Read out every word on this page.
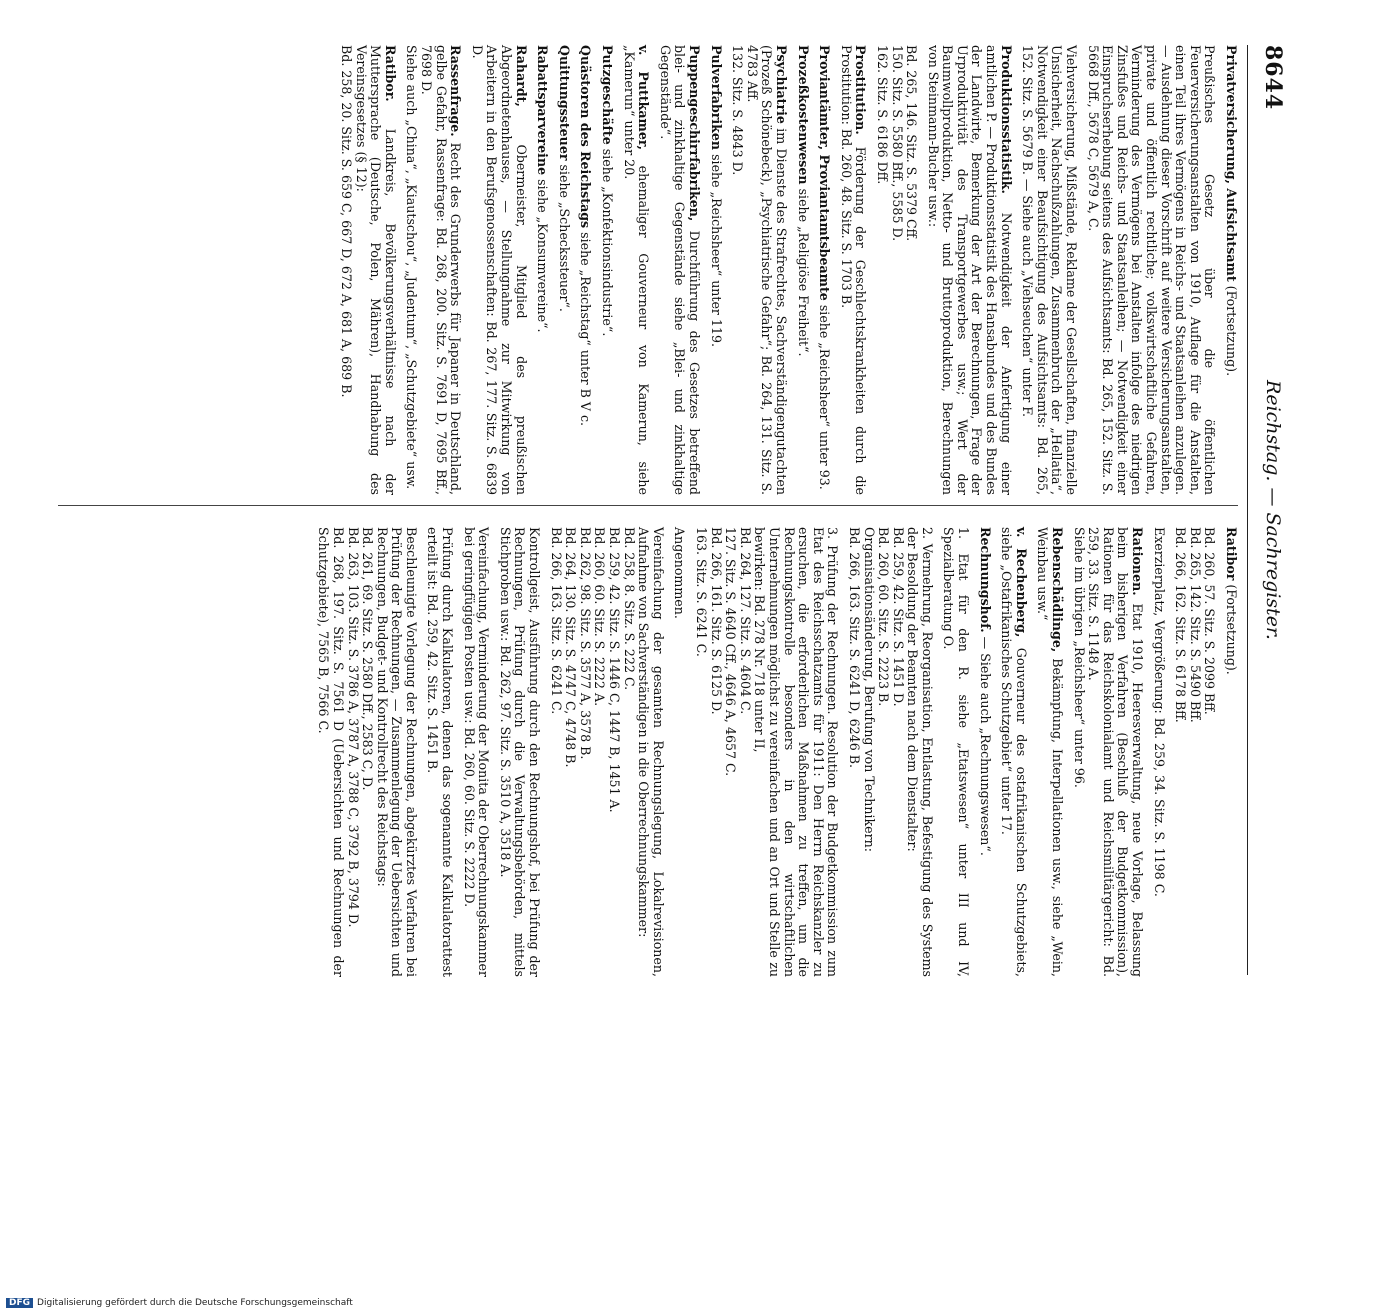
8644
Reichstag. — Sachregister.
Privatversicherung, Aufsichtsamt (Fortsetzung).
Preußisches Gesetz über die öffentlichen Feuerversicherungsanstalten von 1910, Auflage für die Anstalten, einen Teil ihres Vermögens in Reichs- und Staatsanleihen anzulegen. — Ausdehnung dieser Vorschrift auf weitere Versicherungsanstalten, private und öffentlich rechtliche; volkswirtschaftliche Gefahren, Verminderung des Vermögens bei Anstalten infolge des niedrigen Zinsfußes und Reichs- und Staatsanleihen; — Notwendigkeit einer Einspruchserhebung seitens des Aufsichtsamts: Bd. 265, 152. Sitz. S. 5668 Dff., 5678 C, 5679 A, C.
Viehversicherung, Mißstände, Reklame der Gesellschaften, finanzielle Unsicherheit, Nachschußzahlungen, Zusammenbruch der „Hellatia“, Notwendigkeit einer Beaufsichtigung des Aufsichtsamts: Bd. 265, 152. Sitz. S. 5679 B. — Siehe auch „Viehseuchen“ unter F.
Produktionsstatistik. Notwendigkeit der Anfertigung einer amtlichen P. — Produktionsstatistik des Hansabundes und des Bundes der Landwirte, Bemerkung der Art der Berechnungen, Frage der Urproduktivität des Transportgewerbes usw.; Wert der Baumwollproduktion, Netto- und Bruttoproduktion, Berechnungen von Steinmann-Bucher usw.:
Bd. 265, 146. Sitz. S. 5379 Cff.
150. Sitz. S. 5580 Bff., 5585 D.
162. Sitz. S. 6186 Dff.
Prostitution. Förderung der Geschlechtskrankheiten durch die Prostitution: Bd. 260, 48. Sitz. S. 1703 B.
Proviantämter, Proviantamtsbeamte siehe „Reichsheer“ unter 93.
Prozeßkostenwesen siehe „Religiöse Freiheit“.
Psychiatrie im Dienste des Strafrechtes, Sachverständigengutachten (Prozeß Schönebeck), „Psychiatrische Gefahr“; Bd. 264, 131. Sitz. S. 4783 Aff.
132. Sitz. S. 4843 D.
Pulverfabriken siehe „Reichsheer“ unter 119.
Puppengeschirrfabriken, Durchführung des Gesetzes betreffend blei- und zinkhaltige Gegenstände siehe „Blei- und zinkhaltige Gegenstände“.
v. Puttkamer, ehemaliger Gouverneur von Kamerun, siehe „Kamerun“ unter 20.
Putzgeschäfte siehe „Konfektionsindustrie“.
Quästoren des Reichstags siehe „Reichstag“ unter B V c.
Quittungssteuer siehe „Scheckssteuer“.
Rabattsparvereine siehe „Konsumvereine“.
Rahardt, Obermeister, Mitglied des preußischen Abgeordnetenhauses, — Stellungnahme zur Mitwirkung von Arbeitern in den Berufsgenossenschaften: Bd. 267, 177. Sitz. S. 6839 D.
Rassenfrage. Recht des Grunderwerbs für Japaner in Deutschland, gelbe Gefahr, Rassenfrage: Bd. 268, 200. Sitz. S. 7691 D, 7695 Bff., 7698 D.
Siehe auch „China“, „Kiautschou“, „Judentum“, „Schutzgebiete“ usw.
Ratibor. Landkreis, Bevölkerungsverhältnisse nach der Muttersprache (Deutsche, Polen, Mähren), Handhabung des Vereinsgesetzes (§ 12):
Bd. 258, 20. Sitz. S. 659 C, 667 D, 672 A, 681 A, 689 B.
Ratibor (Fortsetzung).
Bd. 260, 57. Sitz. S. 2099 Bff.
Bd. 265, 142. Sitz. S. 5490 Bff.
Bd. 266, 162. Sitz. S. 6178 Bff.
Exerzierplatz, Vergrößerung: Bd. 259, 34. Sitz. S. 1198 C.
Rationen. Etat 1910, Heeresverwaltung, neue Vorlage, Belassung beim bisherigen Verfahren (Beschluß der Budgetkommission), Rationen für das Reichskolonialamt und Reichsmilitärgericht: Bd. 259, 33. Sitz. S. 1148 A.
Siehe im übrigen „Reichsheer“ unter 96.
Rebenschädlinge, Bekämpfung, Interpellationen usw., siehe „Wein, Weinbau usw.“
v. Rechenberg, Gouverneur des ostafrikanischen Schutzgebiets, siehe „Ostafrikanisches Schutzgebiet“ unter 17.
Rechnungshof. — Siehe auch „Rechnungswesen“.
1. Etat für den R. siehe „Etatswesen“ unter III und IV, Spezialberatung O.
2. Vermehrung, Reorganisation, Entlastung, Befestigung des Systems der Besoldung der Beamten nach dem Dienstalter:
Bd. 259, 42. Sitz. S. 1451 D.
Bd. 260, 60. Sitz. S. 2223 B.
Organisationsänderung, Berufung von Technikern:
Bd. 266, 163. Sitz. S. 6241 D, 6246 B.
3. Prüfung der Rechnungen. Resolution der Budgetkommission zum Etat des Reichsschatzamts für 1911: Den Herrn Reichskanzler zu ersuchen, die erforderlichen Maßnahmen zu treffen, um die Rechnungskontrolle besonders in den wirtschaftlichen Unternehmungen möglichst zu vereinfachen und an Ort und Stelle zu bewirken: Bd. 278 Nr. 718 unter II,
Bd. 264, 127. Sitz. S. 4604 C.
127. Sitz. S. 4640 Cff., 4646 A, 4657 C.
Bd. 266, 161. Sitz. S. 6125 D.
163. Sitz. S. 6241 C.
Angenommen.
Vereinfachung der gesamten Rechnungslegung, Lokalrevisionen, Aufnahme von Sachverständigen in die Oberrechnungskammer:
Bd. 258, 8. Sitz. S. 222 C.
Bd. 259, 42. Sitz. S. 1446 C, 1447 B, 1451 A.
Bd. 260, 60. Sitz. S. 2222 A.
Bd. 262, 98. Sitz. S. 3577 A, 3578 B.
Bd. 264, 130. Sitz. S. 4747 C, 4748 B.
Bd. 266, 163. Sitz. S. 6241 C.
Kontrollgeist, Ausführung durch den Rechnungshof, bei Prüfung der Rechnungen, Prüfung durch die Verwaltungsbehörden, mittels Stichproben usw.: Bd. 262, 97. Sitz. S. 3510 A, 3518 A.
Vereinfachung, Verminderung der Monita der Oberrechnungskammer bei geringfügigen Posten usw.: Bd. 260, 60. Sitz. S. 2222 D.
Prüfung durch Kalkulatoren, denen das sogenannte Kalkulatorattest erteilt ist: Bd. 259, 42. Sitz. S. 1451 B.
Beschleunigte Vorlegung der Rechnungen, abgekürztes Verfahren bei Prüfung der Rechnungen, — Zusammenlegung der Uebersichten und Rechnungen, Budget- und Kontrollrecht des Reichstags:
Bd. 261, 69. Sitz. S. 2580 Dff., 2583 C, D.
Bd. 263, 103. Sitz. S. 3786 A, 3787 A, 3788 C, 3792 B, 3794 D.
Bd. 268, 197. Sitz. S. 7561 D (Uebersichten und Rechnungen der Schutzgebiete), 7565 B, 7566 C.
DFG Digitalisierung gefördert durch die Deutsche Forschungsgemeinschaft
